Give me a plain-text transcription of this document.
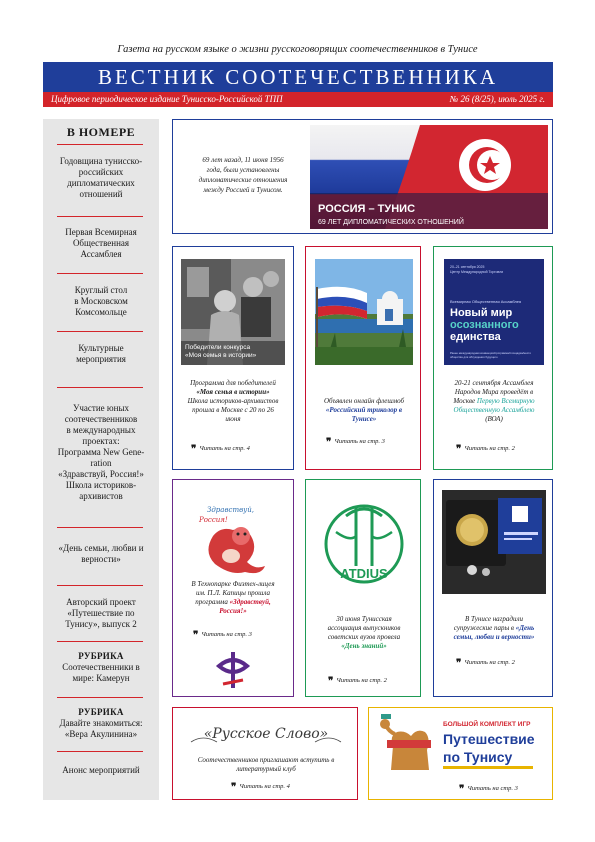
Газета на русском языке о жизни русскоговорящих соотечественников в Тунисе
ВЕСТНИК СООТЕЧЕСТВЕННИКА
Цифровое периодическое издание Тунисско-Российской ТПП	№ 26 (8/25), июль 2025 г.
В НОМЕРЕ
Годовщина тунисско-
российских
дипломатических
отношений
Первая Всемирная
Общественная
Ассамблея
Круглый стол
в Московском
Комсомольце
Культурные
мероприятия
Участие юных
соотечественников
в международных
проектах:
Программа New Gene-
ration
«Здравствуй, Россия!»
Школа историков-
архивистов
«День семьи, любви и
верности»
Авторский проект
«Путешествие по
Тунису», выпуск 2
РУБРИКА
Соотечественники в
мире: Камерун
РУБРИКА
Давайте знакомиться:
«Вера Акулинина»
Анонс мероприятий
69 лет назад, 11 июня 1956
года, были установлены
дипломатические отношения
между Россией и Тунисом.
РОССИЯ – ТУНИС
69 ЛЕТ ДИПЛОМАТИЧЕСКИХ ОТНОШЕНИЙ
Победители конкурса
«Моя семья в истории»
Программа для победителей
«Моя семья в истории»
Школа историков-архивистов
прошла в Москве с 20 по 26
июня
❞ Читать на стр. 4
Объявлен онлайн флешмоб
«Российский триколор в
Тунисе»
❞ Читать на стр. 3
20–21 сентября 2025
Центр Международной Торговли
Всемирная Общественная Ассамблея
Новый мир
осознанного
единства
Ранее международная конвенция/программа/площадка/место общества для обсуждения будущего
20-21 сентября Ассамблея
Народов Мира проведёт в
Москве Первую Всемирную
Общественную Ассамблею
(ВОА)
❞ Читать на стр. 2
Здравствуй,
Россия!
В Технопарке Физтех-лицея
им. П.Л. Капицы прошла
программа «Здравствуй,
Россия!»
❞ Читать на стр. 3
ATDIUS
30 июня Тунисская
ассоциация выпускников
советских вузов провела
«День знаний»
❞ Читать на стр. 2
В Тунисе наградили
супружеские пары в «День
семьи, любви и верности»
❞ Читать на стр. 2
«Русское Слово»
Соотечественников приглашают вступить в
литературный клуб
❞ Читать на стр. 4
БОЛЬШОЙ КОМПЛЕКТ ИГР
Путешествие
по Тунису
❞ Читать на стр. 3
